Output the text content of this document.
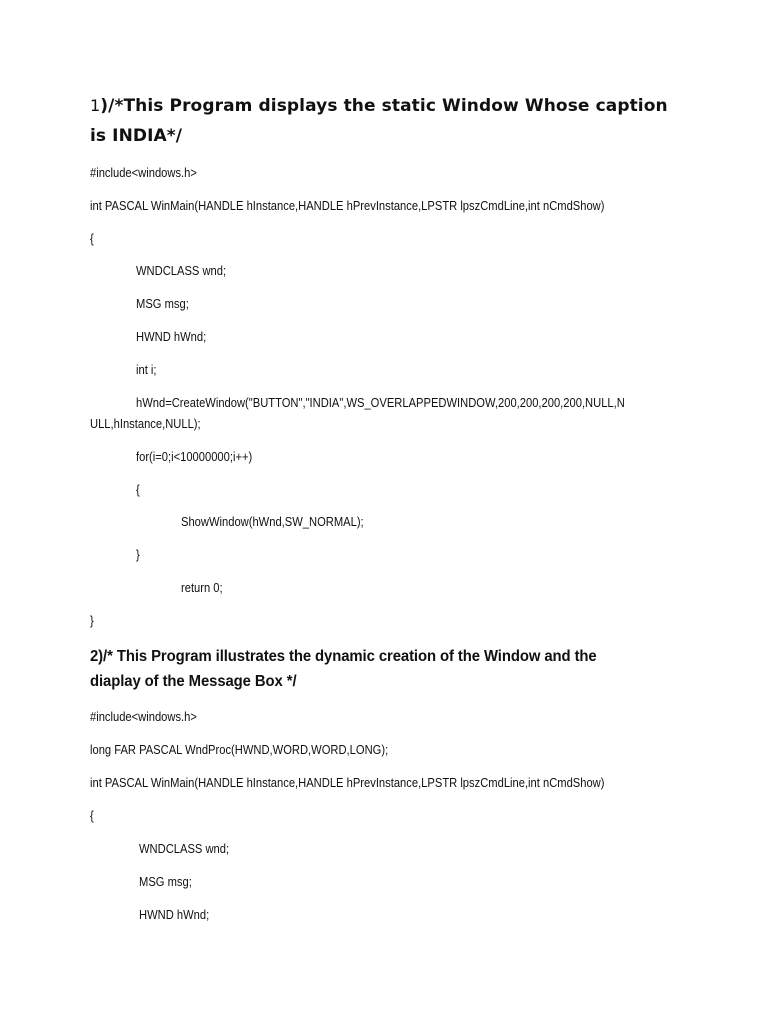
1)/*This Program displays the static Window Whose caption
is INDIA*/
#include<windows.h>
int PASCAL WinMain(HANDLE hInstance,HANDLE hPrevInstance,LPSTR lpszCmdLine,int nCmdShow)
{
WNDCLASS wnd;
MSG msg;
HWND hWnd;
int i;
hWnd=CreateWindow("BUTTON","INDIA",WS_OVERLAPPEDWINDOW,200,200,200,200,NULL,N
ULL,hInstance,NULL);
for(i=0;i<10000000;i++)
{
ShowWindow(hWnd,SW_NORMAL);
}
return 0;
}
2)/* This Program illustrates the dynamic creation of the Window and the
diaplay of the Message Box */
#include<windows.h>
long FAR PASCAL WndProc(HWND,WORD,WORD,LONG);
int PASCAL WinMain(HANDLE hInstance,HANDLE hPrevInstance,LPSTR lpszCmdLine,int nCmdShow)
{
WNDCLASS wnd;
MSG msg;
HWND hWnd;
